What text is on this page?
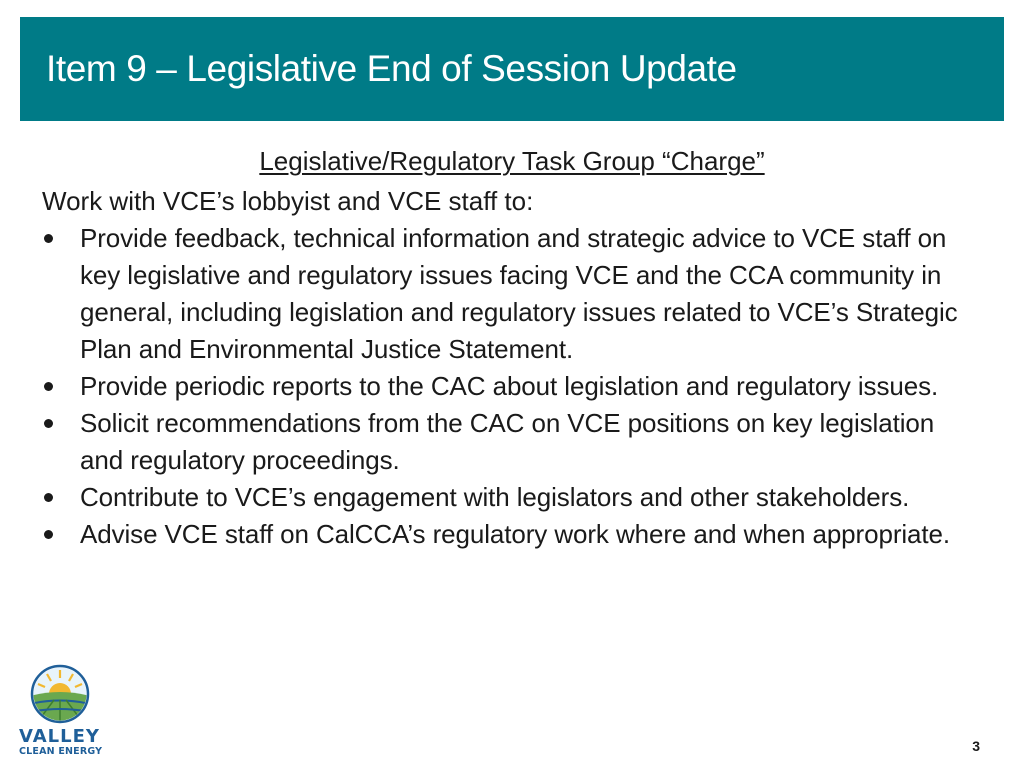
Item 9 – Legislative End of Session Update
Legislative/Regulatory Task Group “Charge”
Work with VCE’s lobbyist and VCE staff to:
Provide feedback, technical information and strategic advice to VCE staff on key legislative and regulatory issues facing VCE and the CCA community in general, including legislation and regulatory issues related to VCE’s Strategic Plan and Environmental Justice Statement.
Provide periodic reports to the CAC about legislation and regulatory issues.
Solicit recommendations from the CAC on VCE positions on key legislation and regulatory proceedings.
Contribute to VCE’s engagement with legislators and other stakeholders.
Advise VCE staff on CalCCA’s regulatory work where and when appropriate.
VALLEY
CLEAN ENERGY	3
